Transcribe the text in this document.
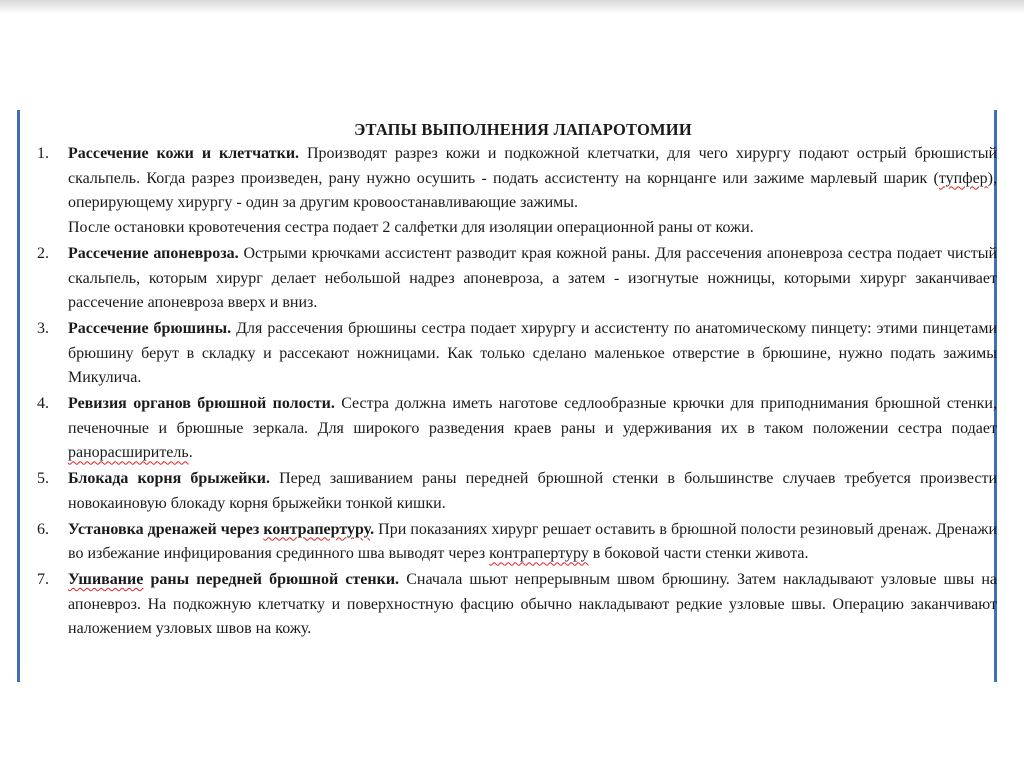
ЭТАПЫ ВЫПОЛНЕНИЯ ЛАПАРОТОМИИ
1. Рассечение кожи и клетчатки. Производят разрез кожи и подкожной клетчатки, для чего хирургу подают острый брюшистый скальпель. Когда разрез произведен, рану нужно осушить - подать ассистенту на корнцанге или зажиме марлевый шарик (тупфер), оперирующему хирургу - один за другим кровоостанавливающие зажимы.
После остановки кровотечения сестра подает 2 салфетки для изоляции операционной раны от кожи.
2. Рассечение апоневроза. Острыми крючками ассистент разводит края кожной раны. Для рассечения апоневроза сестра подает чистый скальпель, которым хирург делает небольшой надрез апоневроза, а затем - изогнутые ножницы, которыми хирург заканчивает рассечение апоневроза вверх и вниз.
3. Рассечение брюшины. Для рассечения брюшины сестра подает хирургу и ассистенту по анатомическому пинцету: этими пинцетами брюшину берут в складку и рассекают ножницами. Как только сделано маленькое отверстие в брюшине, нужно подать зажимы Микулича.
4. Ревизия органов брюшной полости. Сестра должна иметь наготове седлообразные крючки для приподнимания брюшной стенки, печеночные и брюшные зеркала. Для широкого разведения краев раны и удерживания их в таком положении сестра подает ранорасширитель.
5. Блокада корня брыжейки. Перед зашиванием раны передней брюшной стенки в большинстве случаев требуется произвести новокаиновую блокаду корня брыжейки тонкой кишки.
6. Установка дренажей через контрапертуру. При показаниях хирург решает оставить в брюшной полости резиновый дренаж. Дренажи во избежание инфицирования срединного шва выводят через контрапертуру в боковой части стенки живота.
7. Ушивание раны передней брюшной стенки. Сначала шьют непрерывным швом брюшину. Затем накладывают узловые швы на апоневроз. На подкожную клетчатку и поверхностную фасцию обычно накладывают редкие узловые швы. Операцию заканчивают наложением узловых швов на кожу.
